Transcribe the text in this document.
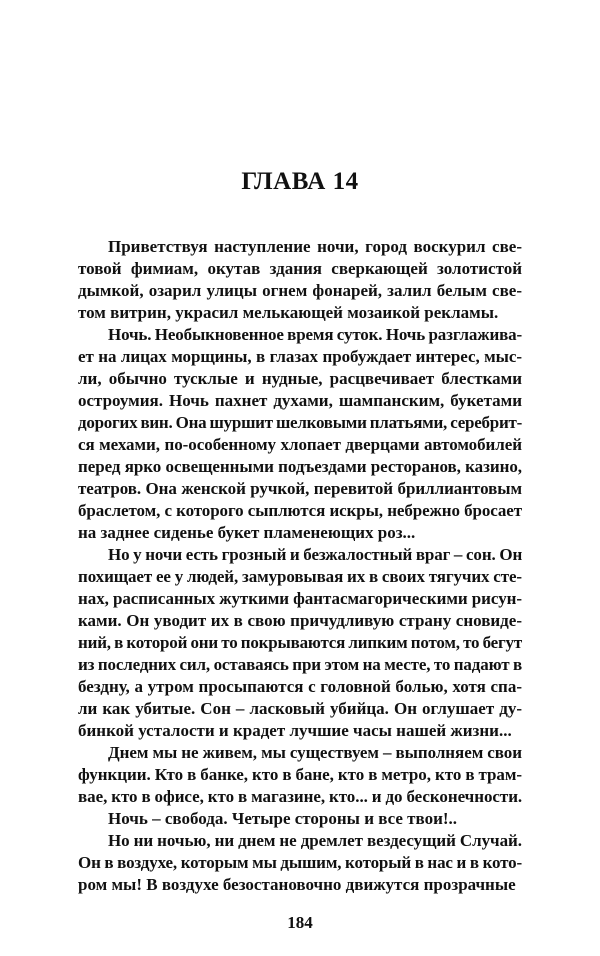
ГЛАВА 14
Приветствуя наступление ночи, город воскурил све-
товой фимиам, окутав здания сверкающей золотистой
дымкой, озарил улицы огнем фонарей, залил белым све-
том витрин, украсил мелькающей мозаикой рекламы.
Ночь. Необыкновенное время суток. Ночь разглажива-
ет на лицах морщины, в глазах пробуждает интерес, мыс-
ли, обычно тусклые и нудные, расцвечивает блестками
остроумия. Ночь пахнет духами, шампанским, букетами
дорогих вин. Она шуршит шелковыми платьями, серебрит-
ся мехами, по-особенному хлопает дверцами автомобилей
перед ярко освещенными подъездами ресторанов, казино,
театров. Она женской ручкой, перевитой бриллиантовым
браслетом, с которого сыплются искры, небрежно бросает
на заднее сиденье букет пламенеющих роз...
Но у ночи есть грозный и безжалостный враг – сон. Он
похищает ее у людей, замуровывая их в своих тягучих сте-
нах, расписанных жуткими фантасмагорическими рисун-
ками. Он уводит их в свою причудливую страну сновиде-
ний, в которой они то покрываются липким потом, то бегут
из последних сил, оставаясь при этом на месте, то падают в
бездну, а утром просыпаются с головной болью, хотя спа-
ли как убитые. Сон – ласковый убийца. Он оглушает ду-
бинкой усталости и крадет лучшие часы нашей жизни...
Днем мы не живем, мы существуем – выполняем свои
функции. Кто в банке, кто в бане, кто в метро, кто в трам-
вае, кто в офисе, кто в магазине, кто... и до бесконечности.
Ночь – свобода. Четыре стороны и все твои!..
Но ни ночью, ни днем не дремлет вездесущий Случай.
Он в воздухе, которым мы дышим, который в нас и в кото-
ром мы! В воздухе безостановочно движутся прозрачные
184
